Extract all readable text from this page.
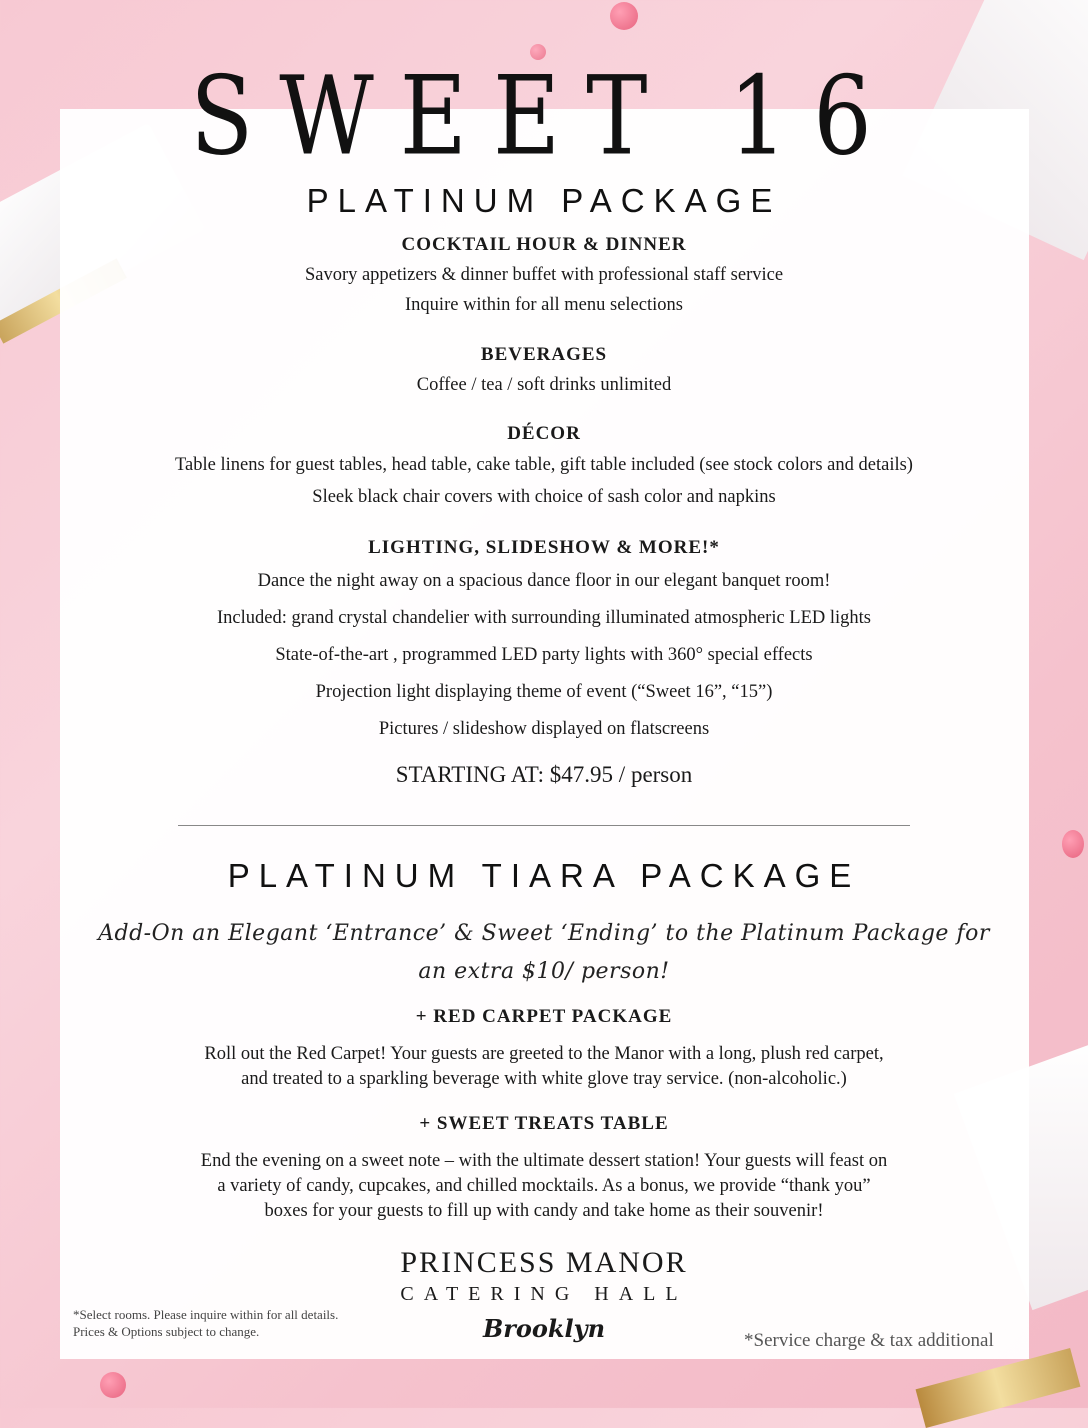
SWEET 16
PLATINUM PACKAGE
COCKTAIL HOUR & DINNER

Savory appetizers & dinner buffet with professional staff service

Inquire within for all menu selections

BEVERAGES

Coffee / tea / soft drinks unlimited

DÉCOR

Table linens for guest tables, head table, cake table, gift table included (see stock colors and details)

Sleek black chair covers with choice of sash color and napkins

LIGHTING, SLIDESHOW & MORE!*

Dance the night away on a spacious dance floor in our elegant banquet room!

Included: grand crystal chandelier with surrounding illuminated atmospheric LED lights

State-of-the-art , programmed LED party lights with 360° special effects

Projection light displaying theme of event (“Sweet 16”, “15”)

Pictures / slideshow displayed on flatscreens

STARTING AT: $47.95 / person

PLATINUM TIARA PACKAGE
Add-On an Elegant ‘Entrance’ & Sweet ‘Ending’ to the Platinum Package for
an extra $10/ person!
+ RED CARPET PACKAGE

Roll out the Red Carpet! Your guests are greeted to the Manor with a long, plush red carpet,

and treated to a sparkling beverage with white glove tray service. (non-alcoholic.)

+ SWEET TREATS TABLE

End the evening on a sweet note – with the ultimate dessert station! Your guests will feast on

a variety of candy, cupcakes, and chilled mocktails. As a bonus, we provide “thank you”

boxes for your guests to fill up with candy and take home as their souvenir!

PRINCESS MANOR

CATERING HALL

Brooklyn
*Select rooms. Please inquire within for all details. Prices & Options subject to change.	*Service charge & tax additional
